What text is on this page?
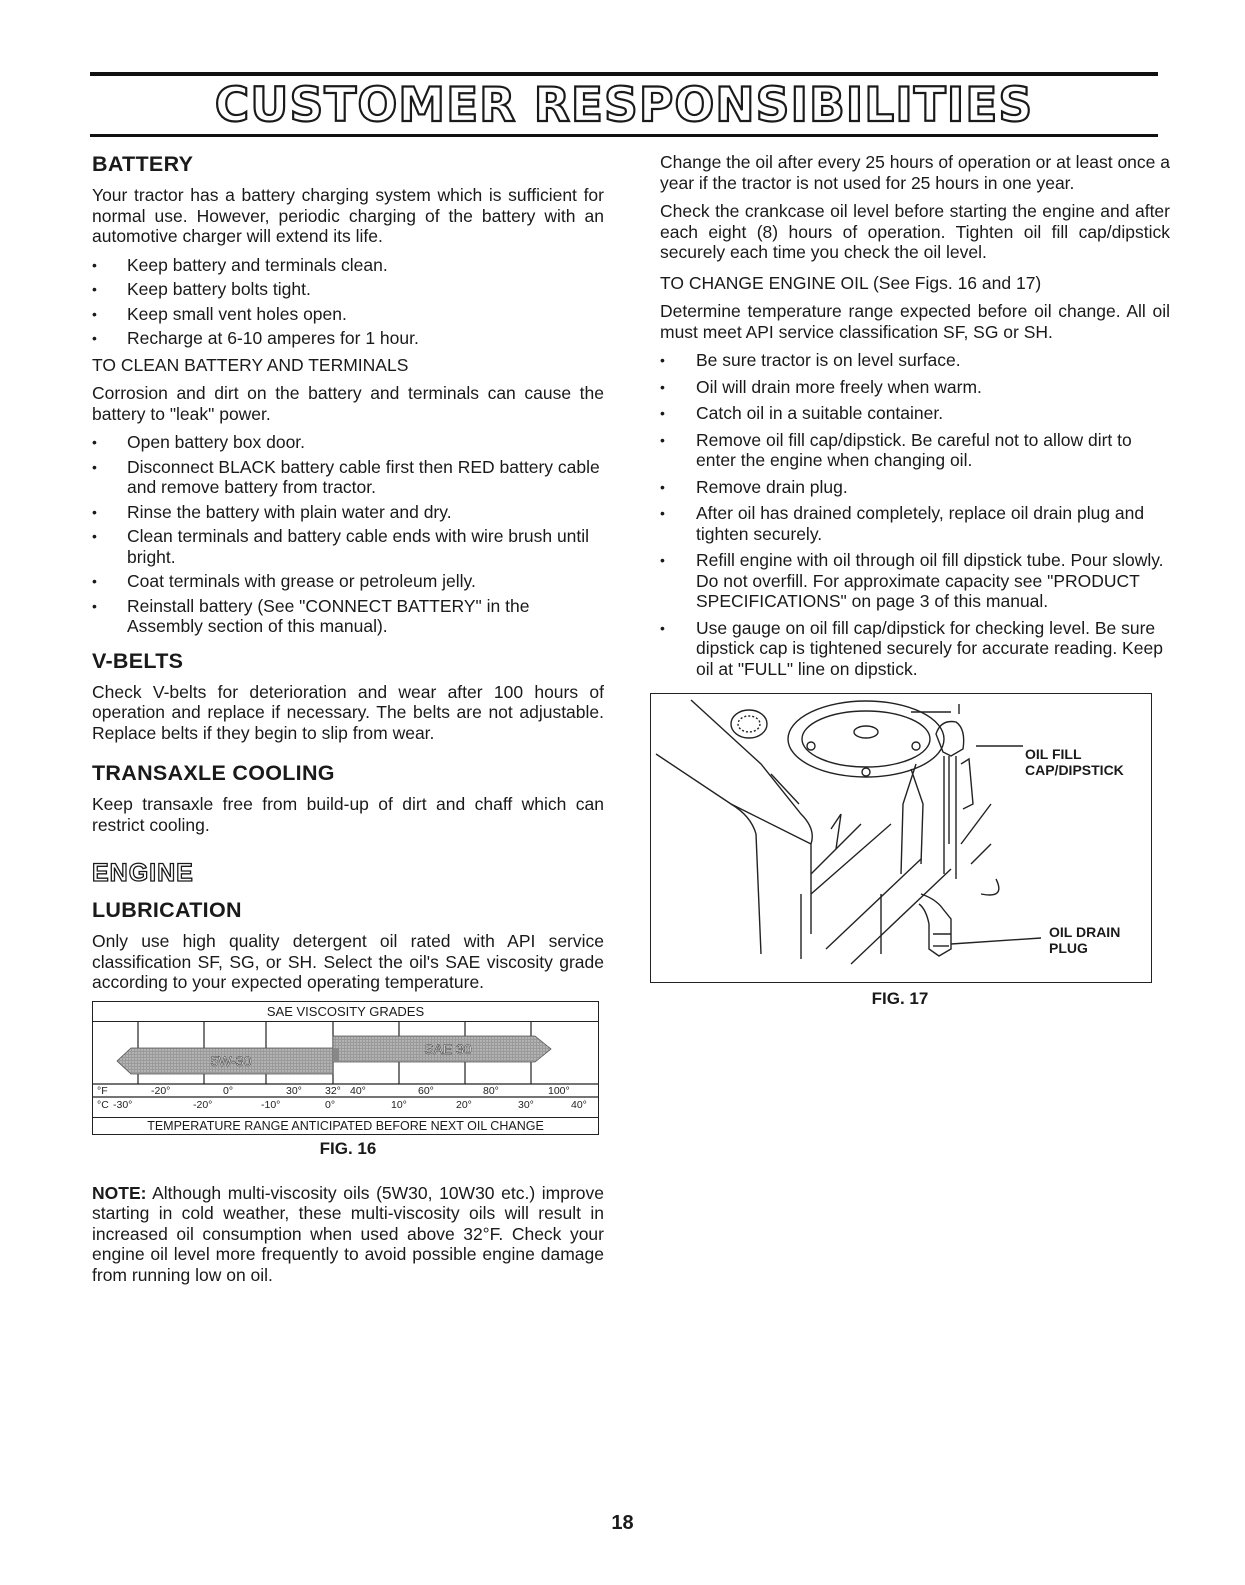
CUSTOMER RESPONSIBILITIES
BATTERY

Your tractor has a battery charging system which is sufficient for normal use. However, periodic charging of the battery with an automotive charger will extend its life.

• Keep battery and terminals clean.
• Keep battery bolts tight.
• Keep small vent holes open.
• Recharge at 6-10 amperes for 1 hour.
TO CLEAN BATTERY AND TERMINALS

Corrosion and dirt on the battery and terminals can cause the battery to "leak" power.

• Open battery box door.
• Disconnect BLACK battery cable first then RED battery cable and remove battery from tractor.
• Rinse the battery with plain water and dry.
• Clean terminals and battery cable ends with wire brush until bright.
• Coat terminals with grease or petroleum jelly.
• Reinstall battery (See "CONNECT BATTERY" in the Assembly section of this manual).
V-BELTS

Check V-belts for deterioration and wear after 100 hours of operation and replace if necessary. The belts are not adjustable. Replace belts if they begin to slip from wear.

TRANSAXLE COOLING

Keep transaxle free from build-up of dirt and chaff which can restrict cooling.

ENGINE
LUBRICATION

Only use high quality detergent oil rated with API service classification SF, SG, or SH. Select the oil's SAE viscosity grade according to your expected operating temperature.

SAE VISCOSITY GRADES
SAE 30
5W-30
°F	-20°	0°	30° 32° 40°	60°	80°	100°
°C -30°	-20°	-10°	0°	10°	20°	30°	40°
TEMPERATURE RANGE ANTICIPATED BEFORE NEXT OIL CHANGE
FIG. 16

NOTE: Although multi-viscosity oils (5W30, 10W30 etc.) improve starting in cold weather, these multi-viscosity oils will result in increased oil consumption when used above 32°F. Check your engine oil level more frequently to avoid possible engine damage from running low on oil.

Change the oil after every 25 hours of operation or at least once a year if the tractor is not used for 25 hours in one year.

Check the crankcase oil level before starting the engine and after each eight (8) hours of operation. Tighten oil fill cap/dipstick securely each time you check the oil level.

TO CHANGE ENGINE OIL (See Figs. 16 and 17)

Determine temperature range expected before oil change. All oil must meet API service classification SF, SG or SH.

• Be sure tractor is on level surface.
• Oil will drain more freely when warm.
• Catch oil in a suitable container.
• Remove oil fill cap/dipstick. Be careful not to allow dirt to enter the engine when changing oil.
• Remove drain plug.
• After oil has drained completely, replace oil drain plug and tighten securely.
• Refill engine with oil through oil fill dipstick tube. Pour slowly. Do not overfill. For approximate capacity see "PRODUCT SPECIFICATIONS" on page 3 of this manual.
• Use gauge on oil fill cap/dipstick for checking level. Be sure dipstick cap is tightened securely for accurate reading. Keep oil at "FULL" line on dipstick.
OIL FILL
CAP/DIPSTICK
OIL DRAIN
PLUG
FIG. 17
18
